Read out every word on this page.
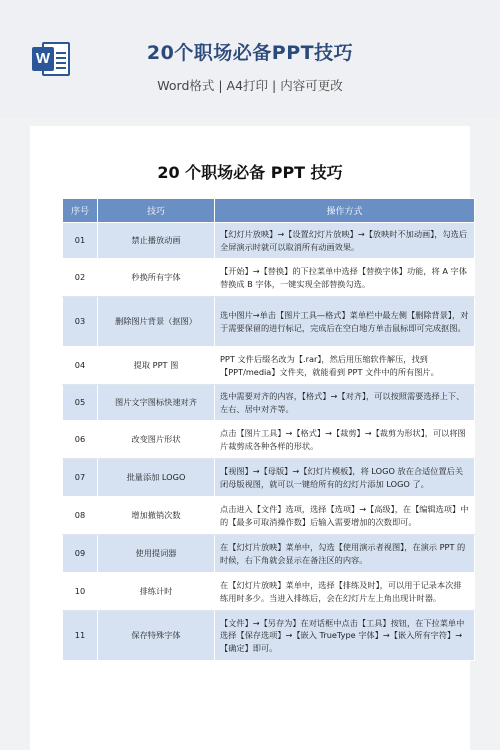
W	20个职场必备PPT技巧
Word格式 | A4打印 | 内容可更改
20 个职场必备 PPT 技巧
序号	技巧	操作方式
01	禁止播放动画	【幻灯片放映】→【设置幻灯片放映】→【放映时不加动画】，勾选后全屏演示时就可以取消所有动画效果。
02	秒换所有字体	【开始】→【替换】的下拉菜单中选择【替换字体】功能，将 A 字体替换成 B 字体，一键实现全部替换勾选。
03	删除图片背景（抠图）	选中图片→单击【图片工具—格式】菜单栏中最左侧【删除背景】，对于需要保留的进行标记，完成后在空白地方单击鼠标即可完成抠图。
04	提取 PPT 图	PPT 文件后缀名改为【.rar】，然后用压缩软件解压，找到【PPT/media】文件夹，就能看到 PPT 文件中的所有图片。
05	图片文字图标快速对齐	选中需要对齐的内容，【格式】→【对齐】，可以按照需要选择上下、左右、居中对齐等。
06	改变图片形状	点击【图片工具】→【格式】→【裁剪】→【裁剪为形状】，可以将图片裁剪成各种各样的形状。
07	批量添加 LOGO	【视图】→【母版】→【幻灯片模板】，将 LOGO 放在合适位置后关闭母版视图，就可以一键给所有的幻灯片添加 LOGO 了。
08	增加撤销次数	点击进入【文件】选项，选择【选项】→【高级】，在【编辑选项】中的【最多可取消操作数】后输入需要增加的次数即可。
09	使用提词器	在【幻灯片放映】菜单中，勾选【使用演示者视图】，在演示 PPT 的时候，右下角就会显示在备注区的内容。
10	排练计时	在【幻灯片放映】菜单中，选择【排练及时】，可以用于记录本次排练用时多少。当进入排练后，会在幻灯片左上角出现计时器。
11	保存特殊字体	【文件】→【另存为】在对话框中点击【工具】按钮，在下拉菜单中选择【保存选项】→【嵌入 TrueType 字体】→【嵌入所有字符】→【确定】即可。
